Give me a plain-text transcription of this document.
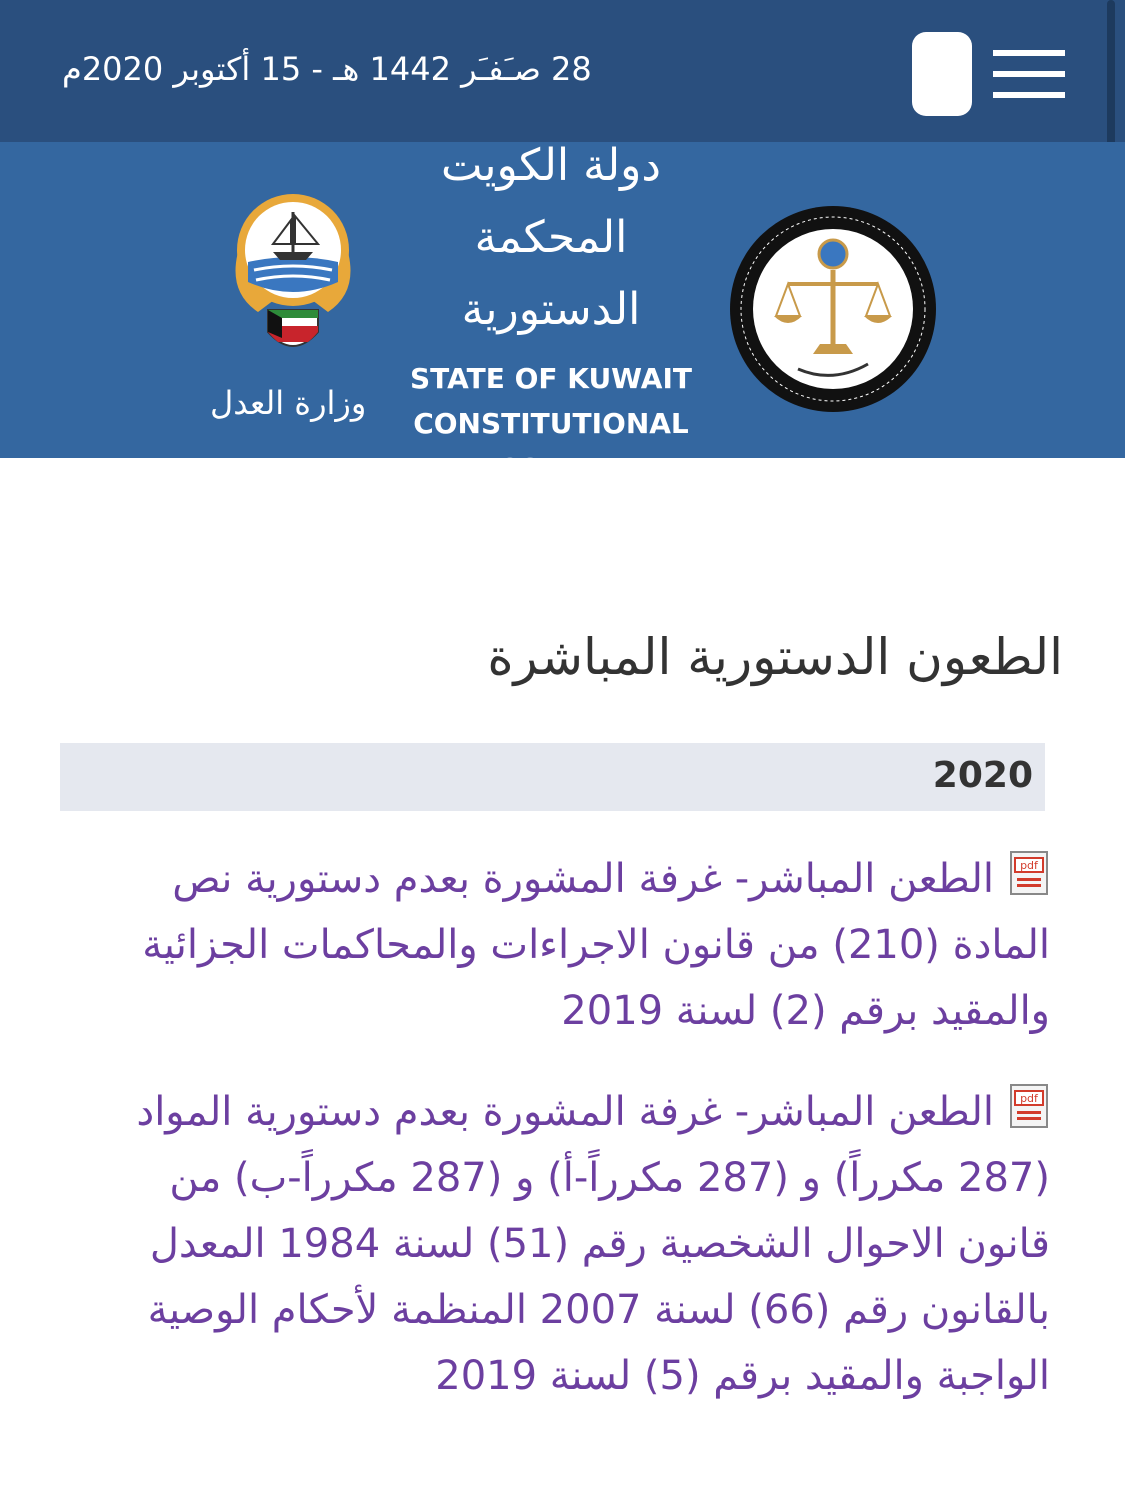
28 صـَفـَر 1442 هـ - 15 أكتوبر 2020م
دولة الكويت
المحكمة
الدستورية
STATE OF KUWAIT
CONSTITUTIONAL
COURT
وزارة العدل
الطعون الدستورية المباشرة
2020
pdf
الطعن المباشر- غرفة المشورة بعدم دستورية نص المادة (210) من قانون الاجراءات والمحاكمات الجزائية والمقيد برقم (2) لسنة 2019
pdf
الطعن المباشر- غرفة المشورة بعدم دستورية المواد (287 مكرراً) و (287 مكرراً-أ) و (287 مكرراً-ب) من قانون الاحوال الشخصية رقم (51) لسنة 1984 المعدل بالقانون رقم (66) لسنة 2007 المنظمة لأحكام الوصية الواجبة والمقيد برقم (5) لسنة 2019
